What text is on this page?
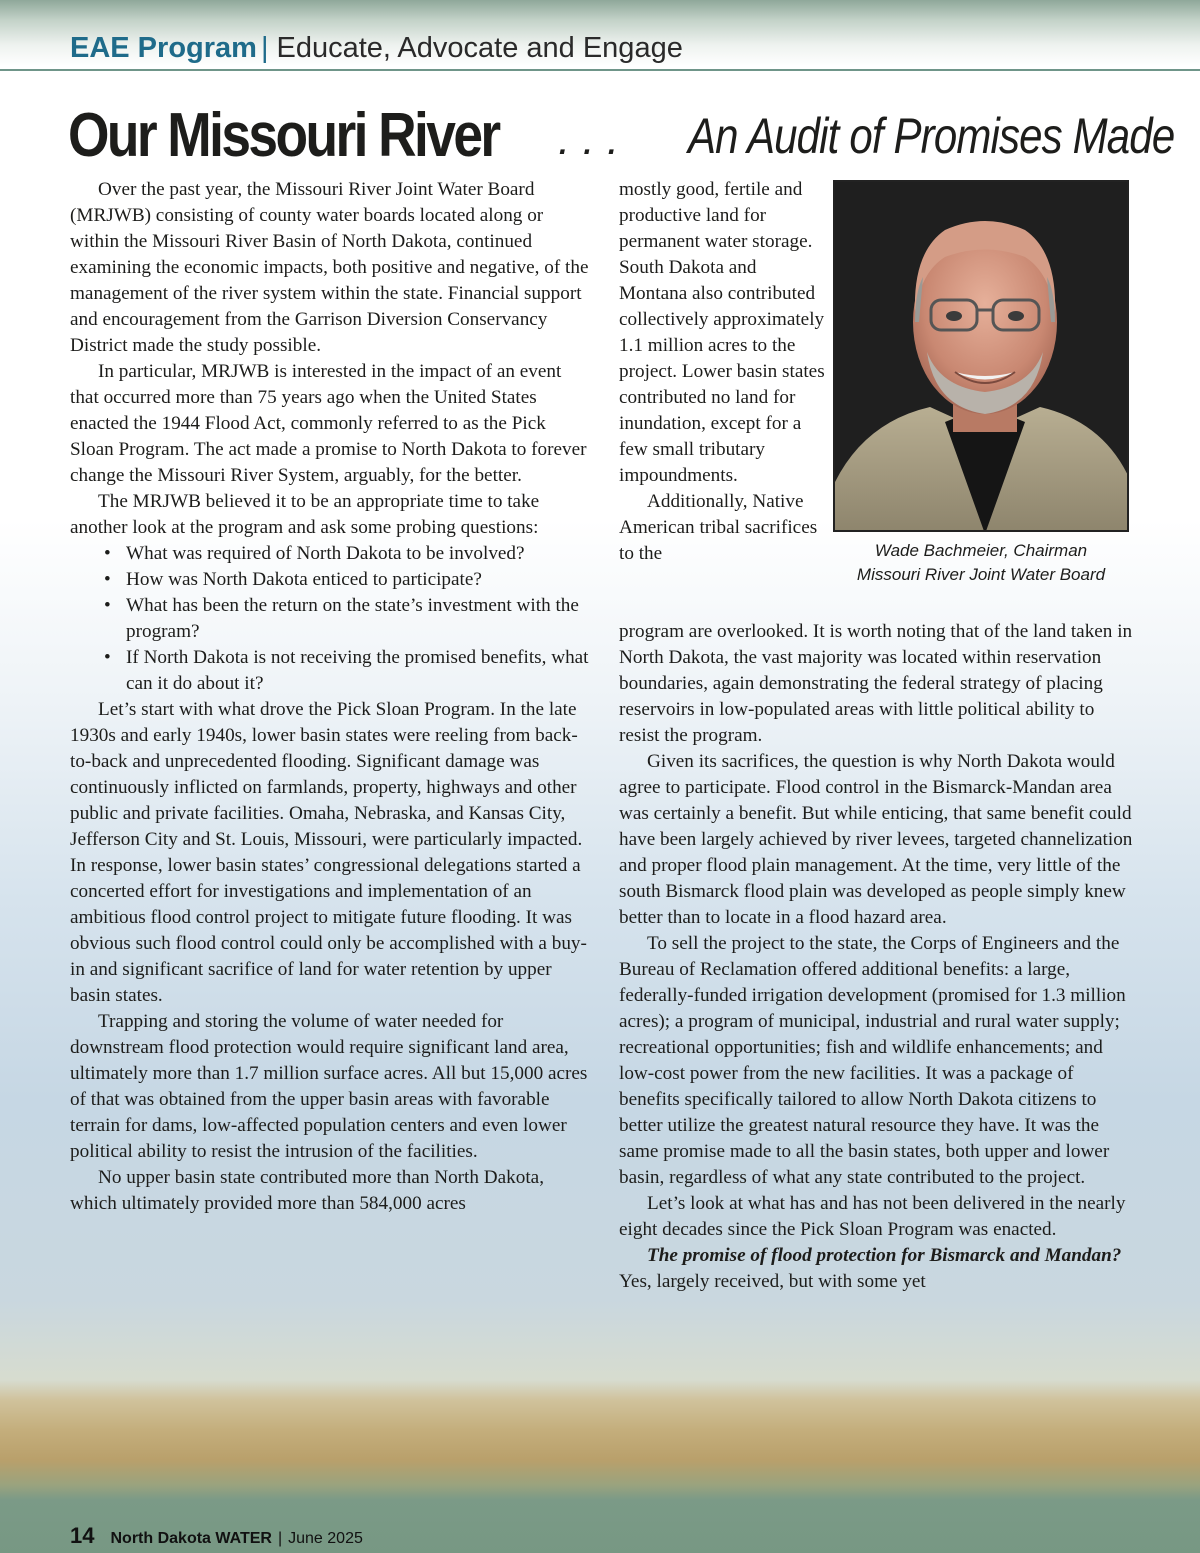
EAE Program | Educate, Advocate and Engage
Our Missouri River . . . An Audit of Promises Made

Over the past year, the Missouri River Joint Water Board (MRJWB) consisting of county water boards located along or within the Missouri River Basin of North Dakota, continued examining the economic impacts, both positive and negative, of the management of the river system within the state. Financial support and encouragement from the Garrison Diversion Conservancy District made the study possible.

In particular, MRJWB is interested in the impact of an event that occurred more than 75 years ago when the United States enacted the 1944 Flood Act, commonly referred to as the Pick Sloan Program. The act made a promise to North Dakota to forever change the Missouri River System, arguably, for the better.

The MRJWB believed it to be an appropriate time to take another look at the program and ask some probing questions:

• What was required of North Dakota to be involved?
• How was North Dakota enticed to participate?
• What has been the return on the state’s investment with the program?
• If North Dakota is not receiving the promised benefits, what can it do about it?

Let’s start with what drove the Pick Sloan Program. In the late 1930s and early 1940s, lower basin states were reeling from back-to-back and unprecedented flooding. Significant damage was continuously inflicted on farmlands, property, highways and other public and private facilities. Omaha, Nebraska, and Kansas City, Jefferson City and St. Louis, Missouri, were particularly impacted. In response, lower basin states’ congressional delegations started a concerted effort for investigations and implementation of an ambitious flood control project to mitigate future flooding. It was obvious such flood control could only be accomplished with a buy-in and significant sacrifice of land for water retention by upper basin states.

Trapping and storing the volume of water needed for downstream flood protection would require significant land area, ultimately more than 1.7 million surface acres. All but 15,000 acres of that was obtained from the upper basin areas with favorable terrain for dams, low-affected population centers and even lower political ability to resist the intrusion of the facilities.

No upper basin state contributed more than North Dakota, which ultimately provided more than 584,000 acres

mostly good, fertile and productive land for permanent water storage. South Dakota and Montana also contributed collectively approximately 1.1 million acres to the project. Lower basin states contributed no land for inundation, except for a few small tributary impoundments.

Additionally, Native American tribal sacrifices to the	Wade Bachmeier, Chairman
Missouri River Joint Water Board

program are overlooked. It is worth noting that of the land taken in North Dakota, the vast majority was located within reservation boundaries, again demonstrating the federal strategy of placing reservoirs in low-populated areas with little political ability to resist the program.

Given its sacrifices, the question is why North Dakota would agree to participate. Flood control in the Bismarck-Mandan area was certainly a benefit. But while enticing, that same benefit could have been largely achieved by river levees, targeted channelization and proper flood plain management. At the time, very little of the south Bismarck flood plain was developed as people simply knew better than to locate in a flood hazard area.

To sell the project to the state, the Corps of Engineers and the Bureau of Reclamation offered additional benefits: a large, federally-funded irrigation development (promised for 1.3 million acres); a program of municipal, industrial and rural water supply; recreational opportunities; fish and wildlife enhancements; and low-cost power from the new facilities. It was a package of benefits specifically tailored to allow North Dakota citizens to better utilize the greatest natural resource they have. It was the same promise made to all the basin states, both upper and lower basin, regardless of what any state contributed to the project.

Let’s look at what has and has not been delivered in the nearly eight decades since the Pick Sloan Program was enacted.

The promise of flood protection for Bismarck and Mandan? Yes, largely received, but with some yet

14 North Dakota WATER | June 2025
